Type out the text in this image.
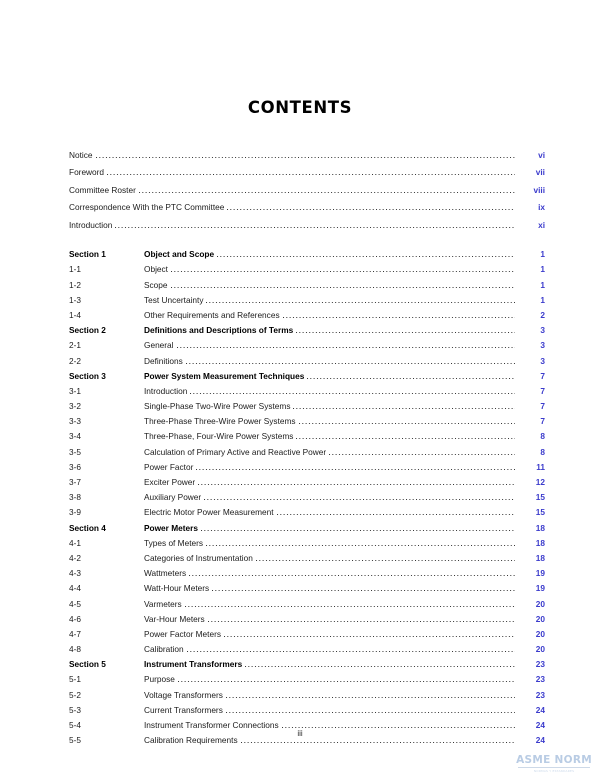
CONTENTS
Notice	vi
Foreword	vii
Committee Roster	viii
Correspondence With the PTC Committee	ix
Introduction	xi
Section 1	Object and Scope	1
1-1	Object	1
1-2	Scope	1
1-3	Test Uncertainty	1
1-4	Other Requirements and References	2
Section 2	Definitions and Descriptions of Terms	3
2-1	General	3
2-2	Definitions	3
Section 3	Power System Measurement Techniques	7
3-1	Introduction	7
3-2	Single-Phase Two-Wire Power Systems	7
3-3	Three-Phase Three-Wire Power Systems	7
3-4	Three-Phase, Four-Wire Power Systems	8
3-5	Calculation of Primary Active and Reactive Power	8
3-6	Power Factor	11
3-7	Exciter Power	12
3-8	Auxiliary Power	15
3-9	Electric Motor Power Measurement	15
Section 4	Power Meters	18
4-1	Types of Meters	18
4-2	Categories of Instrumentation	18
4-3	Wattmeters	19
4-4	Watt-Hour Meters	19
4-5	Varmeters	20
4-6	Var-Hour Meters	20
4-7	Power Factor Meters	20
4-8	Calibration	20
Section 5	Instrument Transformers	23
5-1	Purpose	23
5-2	Voltage Transformers	23
5-3	Current Transformers	24
5-4	Instrument Transformer Connections	24
5-5	Calibration Requirements	24
iii
ASME NORM
NORMAS Y ESTANDARES
